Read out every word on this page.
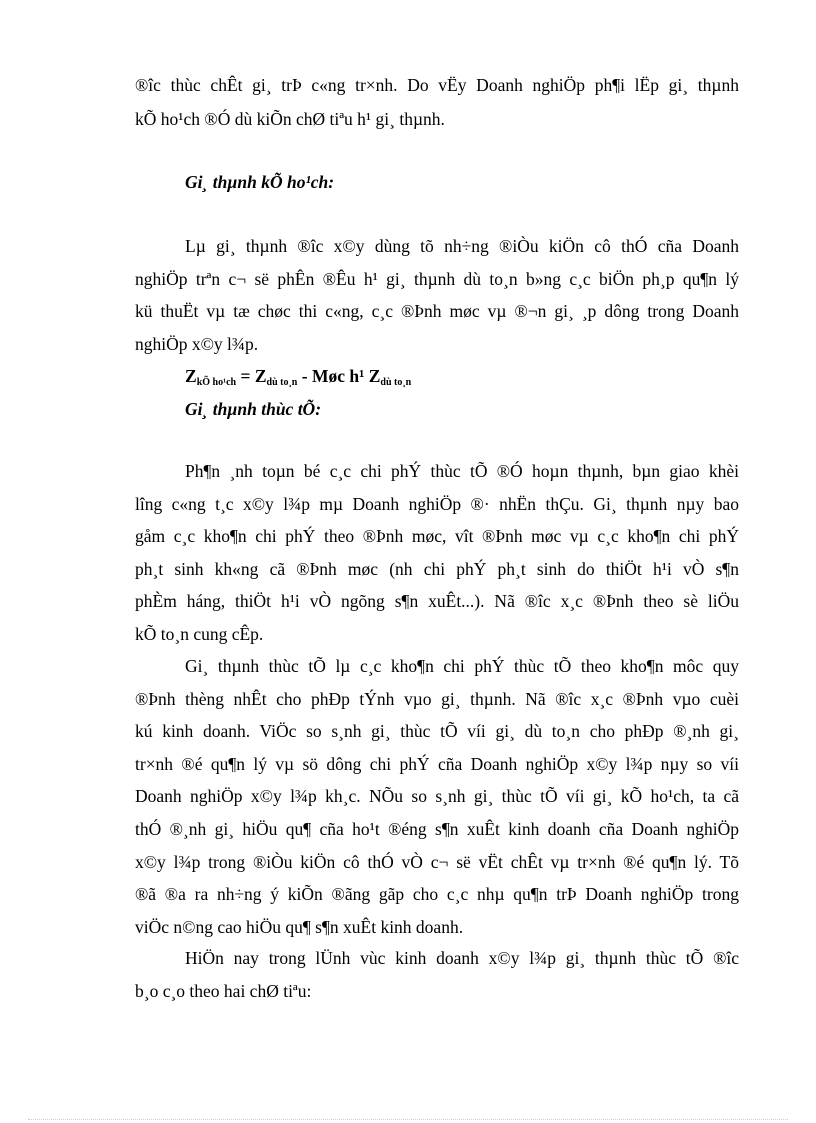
®îc thùc chÊt gi¸ trÞ c«ng tr×nh. Do vËy Doanh nghiÖp ph¶i lËp gi¸ thµnh
kÕ ho¹ch ®Ó dù kiÕn chØ tiªu h¹ gi¸ thµnh.
Gi¸ thµnh kÕ ho¹ch:
Lµ gi¸ thµnh ®îc x©y dùng tõ nh÷ng ®iÒu kiÖn cô thÓ cña Doanh
nghiÖp trªn c¬ së phÊn ®Êu h¹ gi¸ thµnh dù to¸n b»ng c¸c biÖn ph¸p qu¶n lý
kü thuËt vµ tæ chøc thi c«ng, c¸c ®Þnh møc vµ ®¬n gi¸ ¸p dông trong Doanh
nghiÖp x©y l¾p.
$Z_{kÕ ho^1ch} = Z_{dù to¸n}$ - Møc h¹ $Z_{dù to¸n}$
Gi¸ thµnh thùc tÕ:
Ph¶n ¸nh toµn bé c¸c chi phÝ thùc tÕ ®Ó hoµn thµnh, bµn giao khèi
lîng c«ng t¸c x©y l¾p mµ Doanh nghiÖp ®· nhËn thÇu. Gi¸ thµnh nµy bao
gåm c¸c kho¶n chi phÝ theo ®Þnh møc, vît ®Þnh møc vµ c¸c kho¶n chi phÝ
ph¸t sinh kh«ng cã ®Þnh møc (nh chi phÝ ph¸t sinh do thiÖt h¹i vÒ s¶n
phÈm háng, thiÖt h¹i vÒ ngõng s¶n xuÊt...). Nã ®îc x¸c ®Þnh theo sè liÖu
kÕ to¸n cung cÊp.
Gi¸ thµnh thùc tÕ lµ c¸c kho¶n chi phÝ thùc tÕ theo kho¶n môc quy
®Þnh thèng nhÊt cho phÐp tÝnh vµo gi¸ thµnh. Nã ®îc x¸c ®Þnh vµo cuèi
kú kinh doanh. ViÖc so s¸nh gi¸ thùc tÕ víi gi¸ dù to¸n cho phÐp ®¸nh gi¸
tr×nh ®é qu¶n lý vµ sö dông chi phÝ cña Doanh nghiÖp x©y l¾p nµy so víi
Doanh nghiÖp x©y l¾p kh¸c. NÕu so s¸nh gi¸ thùc tÕ víi gi¸ kÕ ho¹ch, ta cã
thÓ ®¸nh gi¸ hiÖu qu¶ cña ho¹t ®éng s¶n xuÊt kinh doanh cña Doanh nghiÖp
x©y l¾p trong ®iÒu kiÖn cô thÓ vÒ c¬ së vËt chÊt vµ tr×nh ®é qu¶n lý. Tõ
®ã ®a ra nh÷ng ý kiÕn ®ãng gãp cho c¸c nhµ qu¶n trÞ Doanh nghiÖp trong
viÖc n©ng cao hiÖu qu¶ s¶n xuÊt kinh doanh.
HiÖn nay trong lÜnh vùc kinh doanh x©y l¾p gi¸ thµnh thùc tÕ ®îc
b¸o c¸o theo hai chØ tiªu:
